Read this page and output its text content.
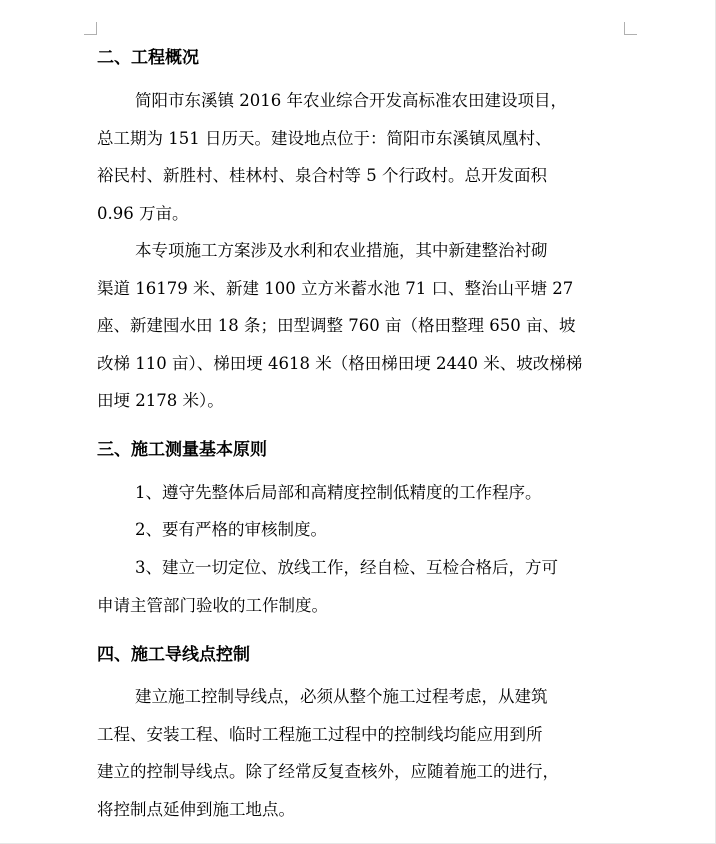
二、工程概况

简阳市东溪镇 2016 年农业综合开发高标准农田建设项目，
总工期为 151 日历天。建设地点位于：简阳市东溪镇凤凰村、
裕民村、新胜村、桂林村、泉合村等 5 个行政村。总开发面积
0.96 万亩。

本专项施工方案涉及水利和农业措施，其中新建整治衬砌
渠道 16179 米、新建 100 立方米蓄水池 71 口、整治山平塘 27
座、新建囤水田 18 条；田型调整 760 亩（格田整理 650 亩、坡
改梯 110 亩）、梯田埂 4618 米（格田梯田埂 2440 米、坡改梯梯
田埂 2178 米）。

三、施工测量基本原则

1、遵守先整体后局部和高精度控制低精度的工作程序。

2、要有严格的审核制度。

3、建立一切定位、放线工作，经自检、互检合格后，方可
申请主管部门验收的工作制度。

四、施工导线点控制

建立施工控制导线点，必须从整个施工过程考虑，从建筑
工程、安装工程、临时工程施工过程中的控制线均能应用到所
建立的控制导线点。除了经常反复查核外，应随着施工的进行，
将控制点延伸到施工地点。
